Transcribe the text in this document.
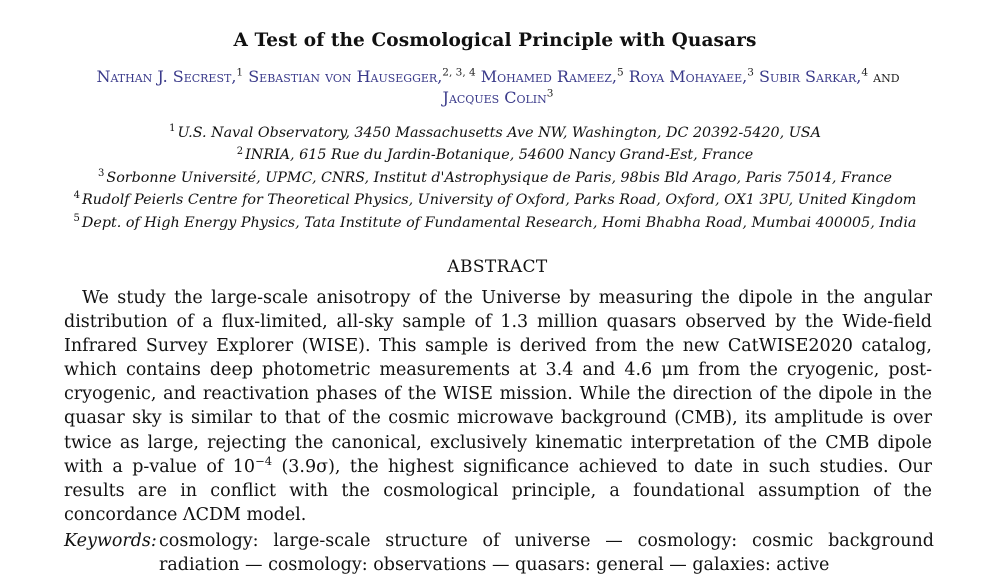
A Test of the Cosmological Principle with Quasars
Nathan J. Secrest,$^1$ Sebastian von Hausegger,$^{2, 3, 4}$ Mohamed Rameez,$^5$ Roya Mohayaee,$^3$ Subir Sarkar,$^4$ and
Jacques Colin$^3$
$^1$ U.S. Naval Observatory, 3450 Massachusetts Ave NW, Washington, DC 20392-5420, USA
$^2$ INRIA, 615 Rue du Jardin-Botanique, 54600 Nancy Grand-Est, France
$^3$ Sorbonne Université, UPMC, CNRS, Institut d'Astrophysique de Paris, 98bis Bld Arago, Paris 75014, France
$^4$ Rudolf Peierls Centre for Theoretical Physics, University of Oxford, Parks Road, Oxford, OX1 3PU, United Kingdom
$^5$ Dept. of High Energy Physics, Tata Institute of Fundamental Research, Homi Bhabha Road, Mumbai 400005, India
ABSTRACT
We study the large-scale anisotropy of the Universe by measuring the dipole in the angular distribution of a flux-limited, all-sky sample of 1.3 million quasars observed by the Wide-field Infrared Survey Explorer (WISE). This sample is derived from the new CatWISE2020 catalog, which contains deep photometric measurements at 3.4 and 4.6 μm from the cryogenic, post-cryogenic, and reactivation phases of the WISE mission. While the direction of the dipole in the quasar sky is similar to that of the cosmic microwave background (CMB), its amplitude is over twice as large, rejecting the canonical, exclusively kinematic interpretation of the CMB dipole with a p-value of $10^{-4}$ (3.9σ), the highest significance achieved to date in such studies. Our results are in conflict with the cosmological principle, a foundational assumption of the concordance ΛCDM model.
Keywords: cosmology: large-scale structure of universe — cosmology: cosmic background radiation — cosmology: observations — quasars: general — galaxies: active
